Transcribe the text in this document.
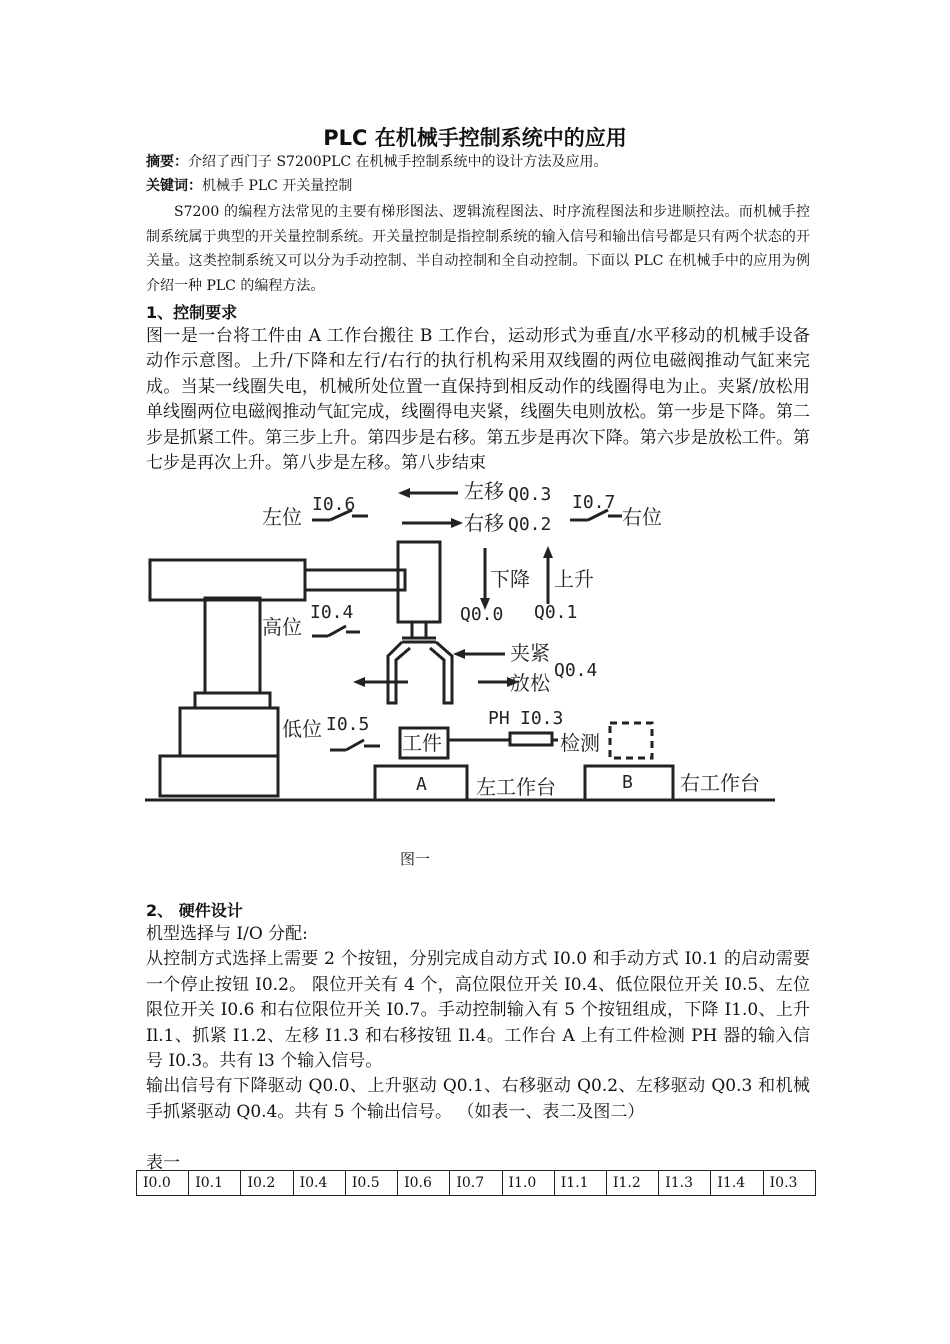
PLC 在机械手控制系统中的应用
摘要：介绍了西门子 S7200PLC 在机械手控制系统中的设计方法及应用。
关键词：机械手 PLC 开关量控制

S7200 的编程方法常见的主要有梯形图法、逻辑流程图法、时序流程图法和步进顺控法。而机械手控制系统属于典型的开关量控制系统。开关量控制是指控制系统的输入信号和输出信号都是只有两个状态的开关量。这类控制系统又可以分为手动控制、半自动控制和全自动控制。下面以 PLC 在机械手中的应用为例介绍一种 PLC 的编程方法。

1、控制要求

图一是一台将工件由 A 工作台搬往 B 工作台，运动形式为垂直/水平移动的机械手设备动作示意图。上升/下降和左行/右行的执行机构采用双线圈的两位电磁阀推动气缸来完成。当某一线圈失电，机械所处位置一直保持到相反动作的线圈得电为止。夹紧/放松用单线圈两位电磁阀推动气缸完成，线圈得电夹紧，线圈失电则放松。第一步是下降。第二步是抓紧工件。第三步上升。第四步是右移。第五步是再次下降。第六步是放松工件。第七步是再次上升。第八步是左移。第八步结束

左位
I0.6
左移 Q0.3
右移 Q0.2
I0.7
右位
下降 上升
Q0.0 Q0.1
高位
I0.4
夹紧
放松
Q0.4
低位 I0.5	PH I0.3
工件	检测
A 左工作台	B 右工作台
图一
2、 硬件设计

机型选择与 I/O 分配:

从控制方式选择上需要 2 个按钮，分别完成自动方式 I0.0 和手动方式 I0.1 的启动需要一个停止按钮 I0.2。 限位开关有 4 个，高位限位开关 I0.4、低位限位开关 I0.5、左位限位开关 I0.6 和右位限位开关 I0.7。手动控制输入有 5 个按钮组成，下降 I1.0、上升 Il.1、抓紧 I1.2、左移 I1.3 和右移按钮 Il.4。工作台 A 上有工件检测 PH 器的输入信号 I0.3。共有 l3 个输入信号。

输出信号有下降驱动 Q0.0、上升驱动 Q0.1、右移驱动 Q0.2、左移驱动 Q0.3 和机械手抓紧驱动 Q0.4。共有 5 个输出信号。 （如表一、表二及图二）

表一
I0.0	I0.1	I0.2	I0.4	I0.5	I0.6	I0.7	I1.0	I1.1	I1.2	I1.3	I1.4	I0.3
